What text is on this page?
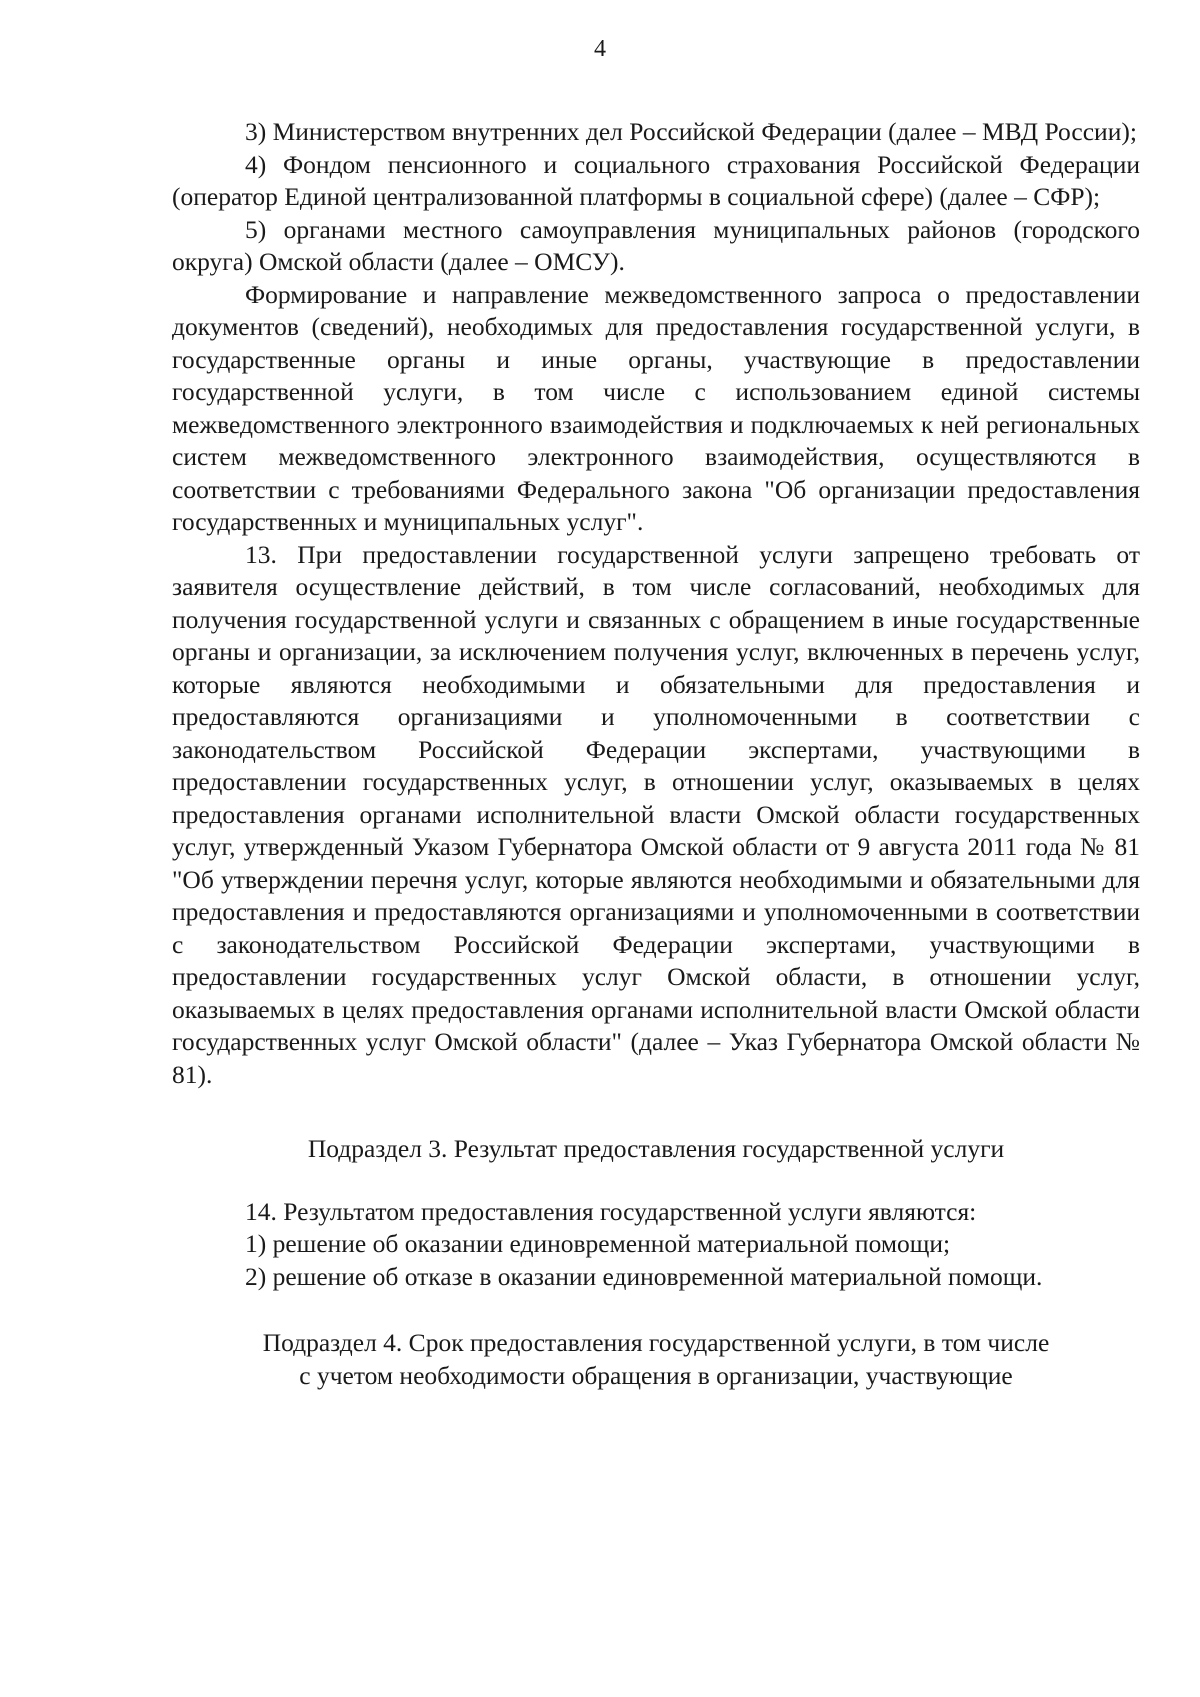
4

3) Министерством внутренних дел Российской Федерации (далее – МВД России);

4) Фондом пенсионного и социального страхования Российской Федерации (оператор Единой централизованной платформы в социальной сфере) (далее – СФР);

5) органами местного самоуправления муниципальных районов (городского округа) Омской области (далее – ОМСУ).

Формирование и направление межведомственного запроса о предоставлении документов (сведений), необходимых для предоставления государственной услуги, в государственные органы и иные органы, участвующие в предоставлении государственной услуги, в том числе с использованием единой системы межведомственного электронного взаимодействия и подключаемых к ней региональных систем межведомственного электронного взаимодействия, осуществляются в соответствии с требованиями Федерального закона "Об организации предоставления государственных и муниципальных услуг".

13. При предоставлении государственной услуги запрещено требовать от заявителя осуществление действий, в том числе согласований, необходимых для получения государственной услуги и связанных с обращением в иные государственные органы и организации, за исключением получения услуг, включенных в перечень услуг, которые являются необходимыми и обязательными для предоставления и предоставляются организациями и уполномоченными в соответствии с законодательством Российской Федерации экспертами, участвующими в предоставлении государственных услуг, в отношении услуг, оказываемых в целях предоставления органами исполнительной власти Омской области государственных услуг, утвержденный Указом Губернатора Омской области от 9 августа 2011 года № 81 "Об утверждении перечня услуг, которые являются необходимыми и обязательными для предоставления и предоставляются организациями и уполномоченными в соответствии с законодательством Российской Федерации экспертами, участвующими в предоставлении государственных услуг Омской области, в отношении услуг, оказываемых в целях предоставления органами исполнительной власти Омской области государственных услуг Омской области" (далее – Указ Губернатора Омской области № 81).

Подраздел 3. Результат предоставления государственной услуги

14. Результатом предоставления государственной услуги являются:

1) решение об оказании единовременной материальной помощи;

2) решение об отказе в оказании единовременной материальной помощи.

Подраздел 4. Срок предоставления государственной услуги, в том числе
с учетом необходимости обращения в организации, участвующие
